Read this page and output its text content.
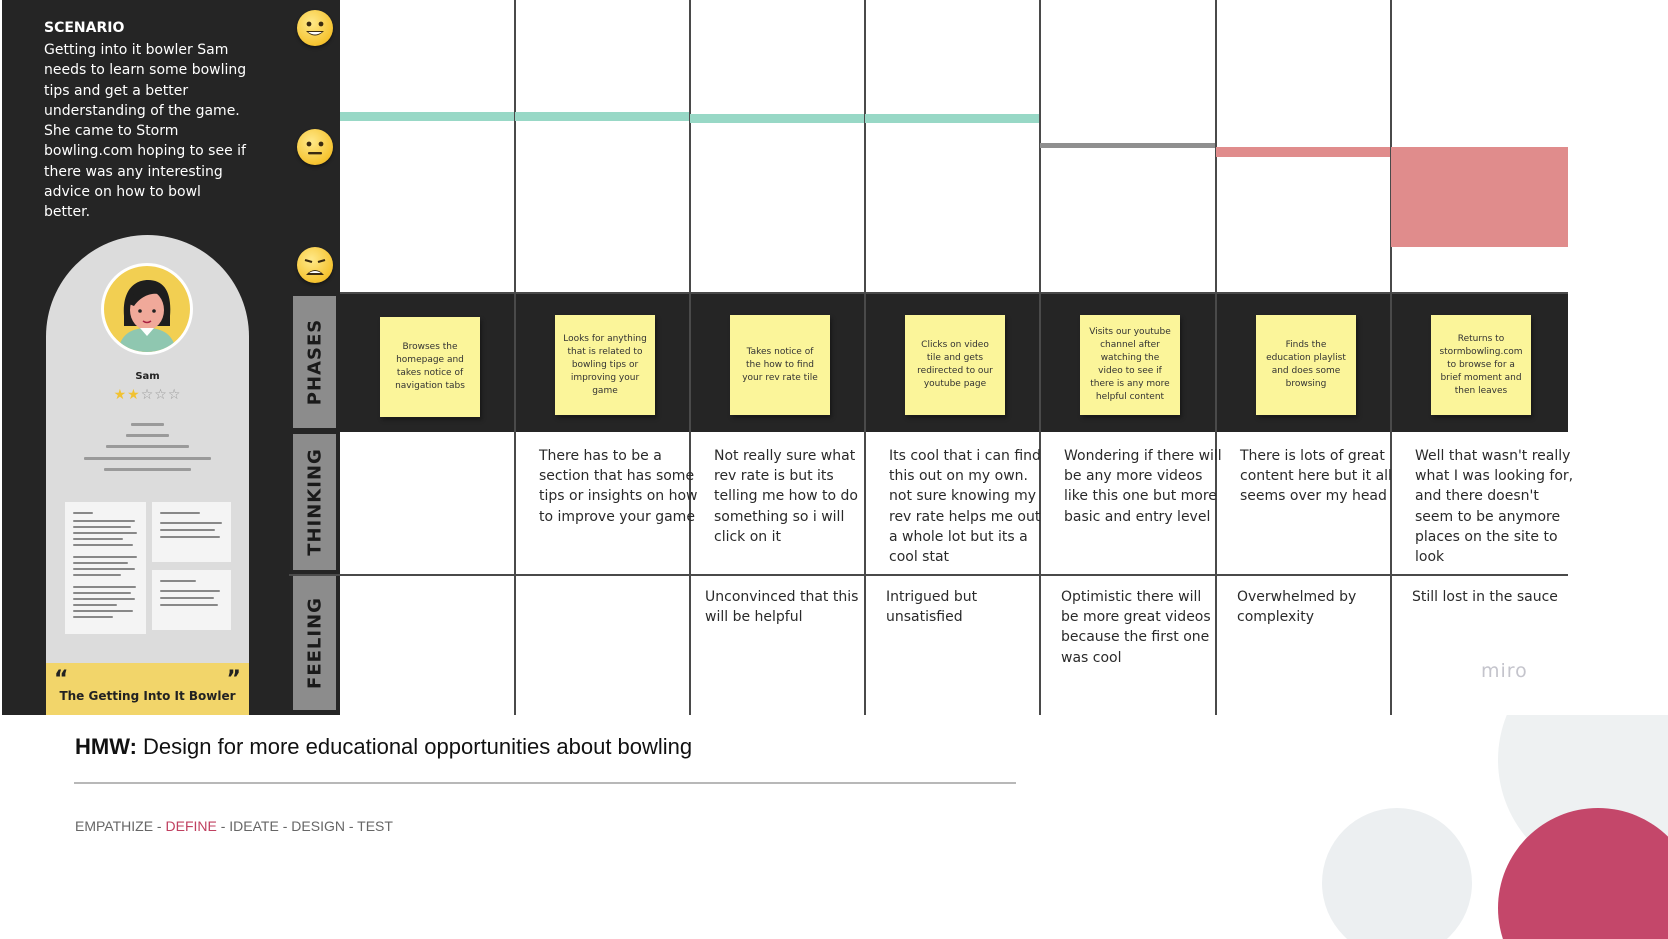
SCENARIO
Getting into it bowler Sam
needs to learn some bowling
tips and get a better
understanding of the game.
She came to Storm
bowling.com hoping to see if
there was any interesting
advice on how to bowl better.
Sam
★★☆☆☆
“	”
The Getting Into It Bowler
PHASES
THINKING
FEELING
Browses the homepage and takes notice of navigation tabs
Looks for anything that is related to bowling tips or improving your game
There has to be a section that has some tips or insights on how to improve your game
Takes notice of the how to find your rev rate tile
Not really sure what rev rate is but its telling me how to do something so i will click on it
Unconvinced that this will be helpful
Clicks on video tile and gets redirected to our youtube page
Its cool that i can find this out on my own. not sure knowing my rev rate helps me out a whole lot but its a cool stat
Intrigued but unsatisfied
Visits our youtube channel after watching the video to see if there is any more helpful content
Wondering if there will be any more videos like this one but more basic and entry level
Optimistic there will be more great videos because the first one was cool
Finds the education playlist and does some browsing
There is lots of great content here but it all seems over my head
Overwhelmed by complexity
Returns to stormbowling.com to browse for a brief moment and then leaves
Well that wasn't really what I was looking for, and there doesn't seem to be anymore places on the site to look
Still lost in the sauce
miro
HMW: Design for more educational opportunities about bowling
EMPATHIZE - DEFINE - IDEATE - DESIGN - TEST
